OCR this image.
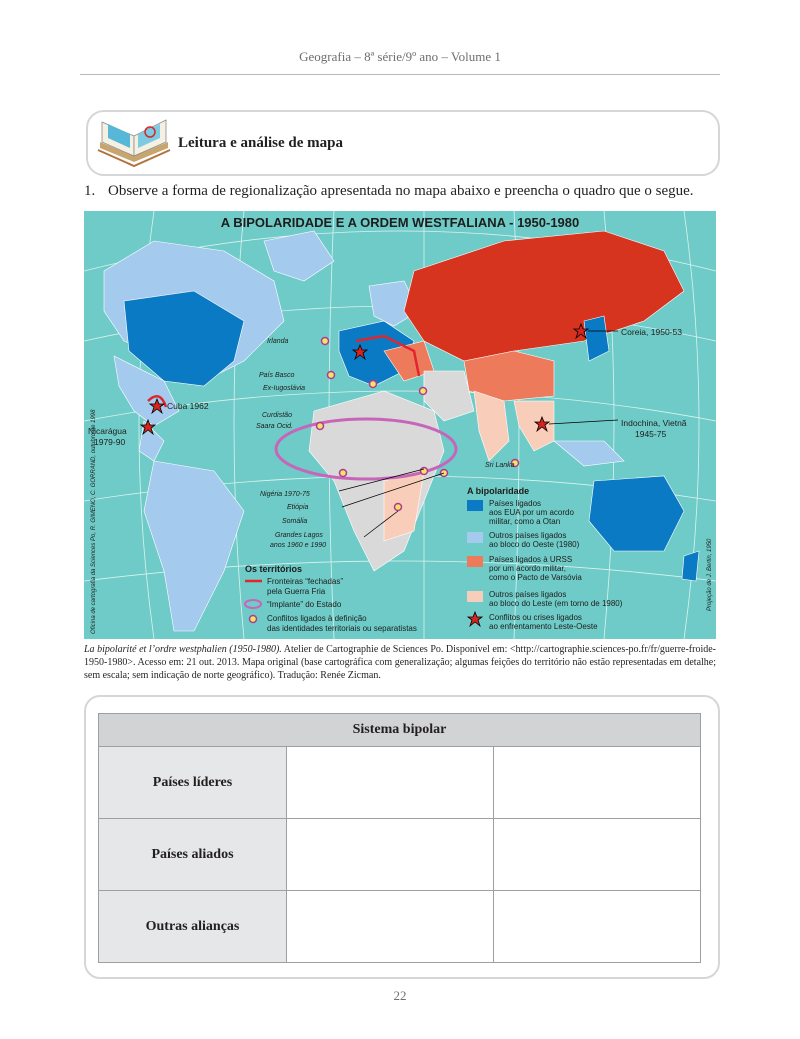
Geografia – 8ª série/9º ano – Volume 1
Leitura e análise de mapa
1. Observe a forma de regionalização apresentada no mapa abaixo e preencha o quadro que o segue.
A BIPOLARIDADE E A ORDEM WESTFALIANA - 1950-1980
Irlanda
País Basco
Ex-Iugoslávia
Curdistão
Saara Ocid.
Sri Lanka
Nigéria 1970-75
Etiópia
Somália
Grandes Lagos
anos 1960 e 1990
Cuba 1962
Nicarágua
1979-90
Coreia, 1950-53
Indochina, Vietnã
1945-75
Oficina de cartografia da Sciences Po, R. GIMENO, C. GORRAND, outubro de 1998	Projeção de J. Bertin, 1950
Os territórios
Fronteiras “fechadas”
pela Guerra Fria
“Implante” do Estado
Conflitos ligados à definição
das identidades territoriais ou separatistas
A bipolaridade
Países ligados
aos EUA por um acordo
militar, como a Otan
Outros países ligados
ao bloco do Oeste (1980)
Países ligados à URSS
por um acordo militar,
como o Pacto de Varsóvia
Outros países ligados
ao bloco do Leste (em torno de 1980)
Conflitos ou crises ligados
ao enfrentamento Leste-Oeste
La bipolarité et l’ordre westphalien (1950-1980). Atelier de Cartographie de Sciences Po. Disponível em: <http://cartographie.sciences-po.fr/fr/guerre-froide-1950-1980>. Acesso em: 21 out. 2013. Mapa original (base cartográfica com generalização; algumas feições do território não estão representadas em detalhe; sem escala; sem indicação de norte geográfico). Tradução: Renée Zicman.
Sistema bipolar		
Países líderes		
Países aliados		
Outras alianças		
22
